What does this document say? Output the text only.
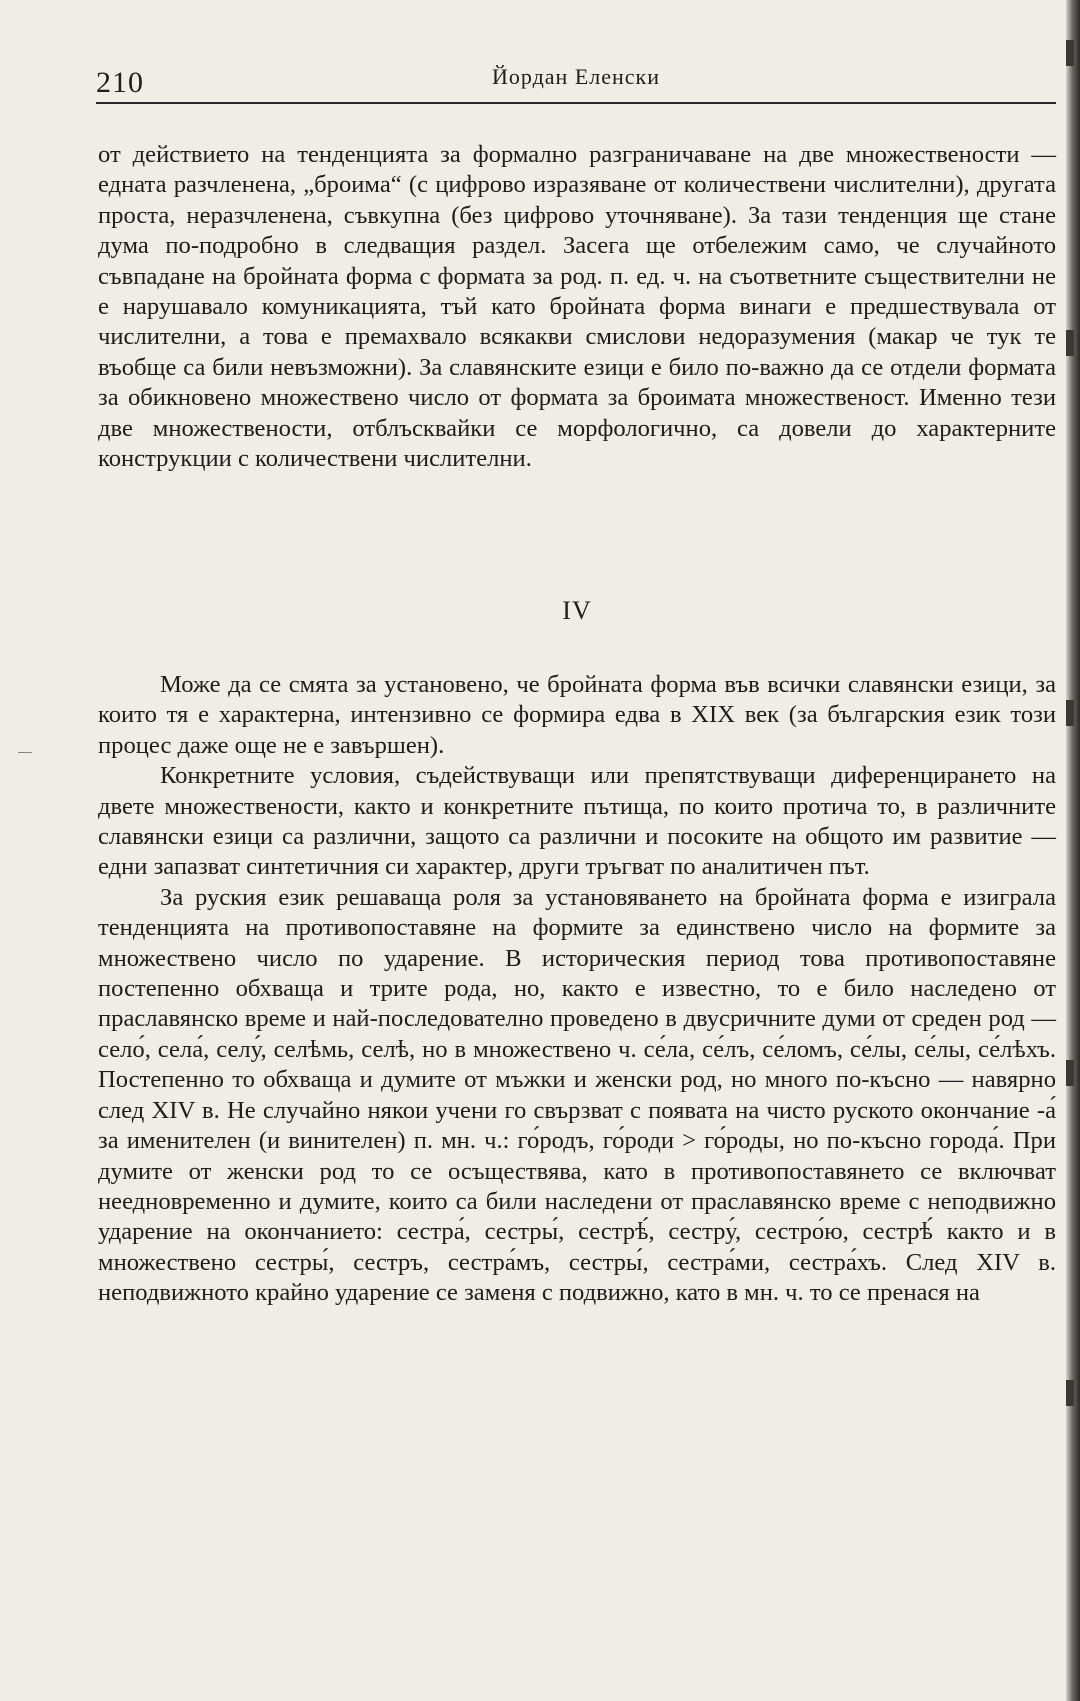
210	Йордан Еленски

от действието на тенденцията за формално разграничаване на две множествености — едната разчленена, „броима“ (с цифрово изразяване от количествени числителни), другата проста, неразчленена, съвкупна (без цифрово уточняване). За тази тенденция ще стане дума по-подробно в следващия раздел. Засега ще отбележим само, че случайното съвпадане на бройната форма с формата за род. п. ед. ч. на съответните съществителни не е нарушавало комуникацията, тъй като бройната форма винаги е предшествувала от числителни, а това е премахвало всякакви смислови недоразумения (макар че тук те въобще са били невъзможни). За славянските езици е било по-важно да се отдели формата за обикновено множествено число от формата за броимата множественост. Именно тези две множествености, отблъсквайки се морфологично, са довели до характерните конструкции с количествени числителни.

IV

Може да се смята за установено, че бройната форма във всички славянски езици, за които тя е характерна, интензивно се формира едва в XIX век (за българския език този процес даже още не е завършен).

Конкретните условия, съдействуващи или препятствуващи диференцирането на двете множествености, както и конкретните пътища, по които протича то, в различните славянски езици са различни, защото са различни и посоките на общото им развитие — едни запазват синтетичния си характер, други тръгват по аналитичен път.

За руския език решаваща роля за установяването на бройната форма е изиграла тенденцията на противопоставяне на формите за единствено число на формите за множествено число по ударение. В историческия период това противопоставяне постепенно обхваща и трите рода, но, както е известно, то е било наследено от праславянско време и най-последователно проведено в двусричните думи от среден род — село́, села́, селу́, селѣмь, селѣ, но в множествено ч. се́ла, се́лъ, се́ломъ, се́лы, се́лы, се́лѣхъ. Постепенно то обхваща и думите от мъжки и женски род, но много по-късно — навярно след XIV в. Не случайно някои учени го свързват с появата на чисто руското окончание -а́ за именителен (и винителен) п. мн. ч.: го́родъ, го́роди > го́роды, но по-късно города́. При думите от женски род то се осъществява, като в противопоставянето се включват неедновременно и думите, които са били наследени от праславянско време с неподвижно ударение на окончанието: сестра́, сестры́, сестрѣ́, сестру́, сестро́ю, сестрѣ́ както и в множествено сестры́, сестръ, сестра́мъ, сестры́, сестра́ми, сестра́хъ. След XIV в. неподвижното крайно ударение се заменя с подвижно, като в мн. ч. то се пренася на
